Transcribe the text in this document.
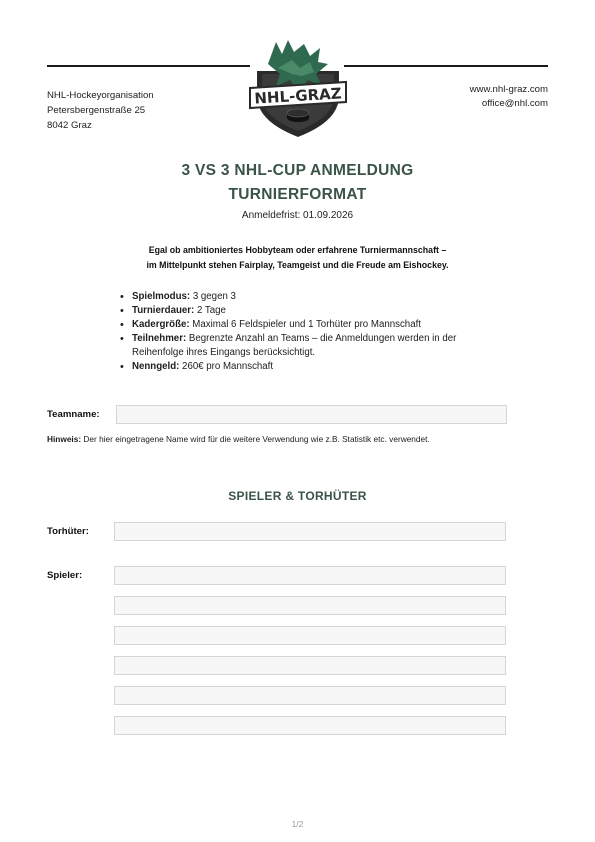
NHL-GRAZ
NHL-Hockeyorganisation
Petersbergenstraße 25
8042 Graz
www.nhl-graz.com
office@nhl.com
3 VS 3 NHL-CUP ANMELDUNG
TURNIERFORMAT
Anmeldefrist: 01.09.2026
Egal ob ambitioniertes Hobbyteam oder erfahrene Turniermannschaft –
im Mittelpunkt stehen Fairplay, Teamgeist und die Freude am Eishockey.
• Spielmodus: 3 gegen 3
• Turnierdauer: 2 Tage
• Kadergröße: Maximal 6 Feldspieler und 1 Torhüter pro Mannschaft
• Teilnehmer: Begrenzte Anzahl an Teams – die Anmeldungen werden in der Reihenfolge ihres Eingangs berücksichtigt.
• Nenngeld: 260€ pro Mannschaft
Teamname:
Hinweis: Der hier eingetragene Name wird für die weitere Verwendung wie z.B. Statistik etc. verwendet.
SPIELER & TORHÜTER
Torhüter:
Spieler:
1/2
